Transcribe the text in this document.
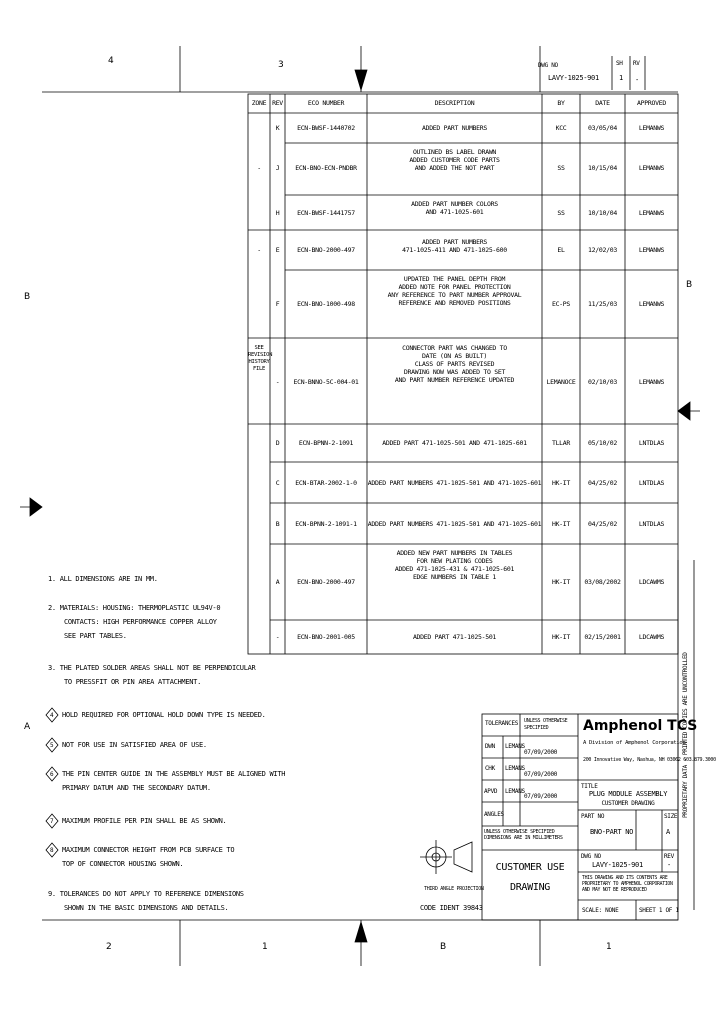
4	3
2	1	B	1
B
A
B
DWG NO
LAVY-1025-901
SH
1
RV
-
ZONE REV	ECO NUMBER	DESCRIPTION	BY	DATE	APPROVED
K	ECN-BWSF-1440702	ADDED PART NUMBERS	KCC	03/05/04	LEMANWS
-	J	ECN-BNO-ECN-PNDBR
OUTLINED BS LABEL DRAWN
ADDED CUSTOMER CODE PARTS
AND ADDED THE NOT PART	SS	10/15/04	LEMANWS
H	ECN-BWSF-1441757
ADDED PART NUMBER COLORS
AND 471-1025-601	SS	10/10/04	LEMANWS
-	E	ECN-BNO-2000-497
ADDED PART NUMBERS
471-1025-411 AND 471-1025-600	EL	12/02/03	LEMANWS
F	ECN-BNO-1000-498
UPDATED THE PANEL DEPTH FROM
ADDED NOTE FOR PANEL PROTECTION
ANY REFERENCE TO PART NUMBER APPROVAL
REFERENCE AND REMOVED POSITIONS	EC-PS	11/25/03	LEMANWS
SEE REVISION HISTORY FILE
-	ECN-BNNO-5C-004-01
CONNECTOR PART WAS CHANGED TO
DATE (ON AS BUILT)
CLASS OF PARTS REVISED
DRAWING NOW WAS ADDED TO SET
AND PART NUMBER REFERENCE UPDATED	LEMANOCE	02/10/03	LEMANWS
D	ECN-BPNN-2-1091	ADDED PART 471-1025-501 AND 471-1025-601	TLLAR	05/10/02	LNTDLAS
C	ECN-BTAR-2002-1-0	ADDED PART NUMBERS 471-1025-501 AND 471-1025-601	HK-IT	04/25/02	LNTDLAS
B	ECN-BPNN-2-1091-1	ADDED PART NUMBERS 471-1025-501 AND 471-1025-601	HK-IT	04/25/02	LNTDLAS
A	ECN-BNO-2000-497
ADDED NEW PART NUMBERS IN TABLES
FOR NEW PLATING CODES
ADDED 471-1025-431 & 471-1025-601
EDGE NUMBERS IN TABLE 1
HK-IT	03/08/2002	LDCAWMS
-	ECN-BNO-2001-005	ADDED PART 471-1025-501	HK-IT	02/15/2001	LDCAWMS
PROPRIETARY DATA - PRINTED COPIES ARE UNCONTROLLED
1. ALL DIMENSIONS ARE IN MM.
2. MATERIALS: HOUSING: THERMOPLASTIC UL94V-0
CONTACTS: HIGH PERFORMANCE COPPER ALLOY
SEE PART TABLES.
3. THE PLATED SOLDER AREAS SHALL NOT BE PERPENDICULAR
TO PRESSFIT OR PIN AREA ATTACHMENT.
4 HOLD REQUIRED FOR OPTIONAL HOLD DOWN TYPE IS NEEDED.
5 NOT FOR USE IN SATISFIED AREA OF USE.
6 THE PIN CENTER GUIDE IN THE ASSEMBLY MUST BE ALIGNED WITH
PRIMARY DATUM AND THE SECONDARY DATUM.
7 MAXIMUM PROFILE PER PIN SHALL BE AS SHOWN.
8 MAXIMUM CONNECTOR HEIGHT FROM PCB SURFACE TO
TOP OF CONNECTOR HOUSING SHOWN.
9. TOLERANCES DO NOT APPLY TO REFERENCE DIMENSIONS
SHOWN IN THE BASIC DIMENSIONS AND DETAILS.
THIRD ANGLE PROJECTION
CODE IDENT 39843
TOLERANCES UNLESS OTHERWISE SPECIFIED
DWN LEMANS
07/09/2000
CHK LEMANS
07/09/2000
APVD LEMANS
07/09/2000
ANGLES
UNLESS OTHERWISE SPECIFIED DIMENSIONS ARE IN MILLIMETERS
Amphenol TCS
A Division of Amphenol Corporation
200 Innovative Way, Nashua, NH 03062 603.879.3000
TITLE
PLUG MODULE ASSEMBLY
CUSTOMER DRAWING
PART NO
BNO-PART NO
SIZE
A
DWG NO
LAVY-1025-901
REV
-
CUSTOMER USE
DRAWING
THIS DRAWING AND ITS CONTENTS ARE PROPRIETARY TO AMPHENOL CORPORATION AND MAY NOT BE REPRODUCED
SCALE: NONE	SHEET 1 OF 1
